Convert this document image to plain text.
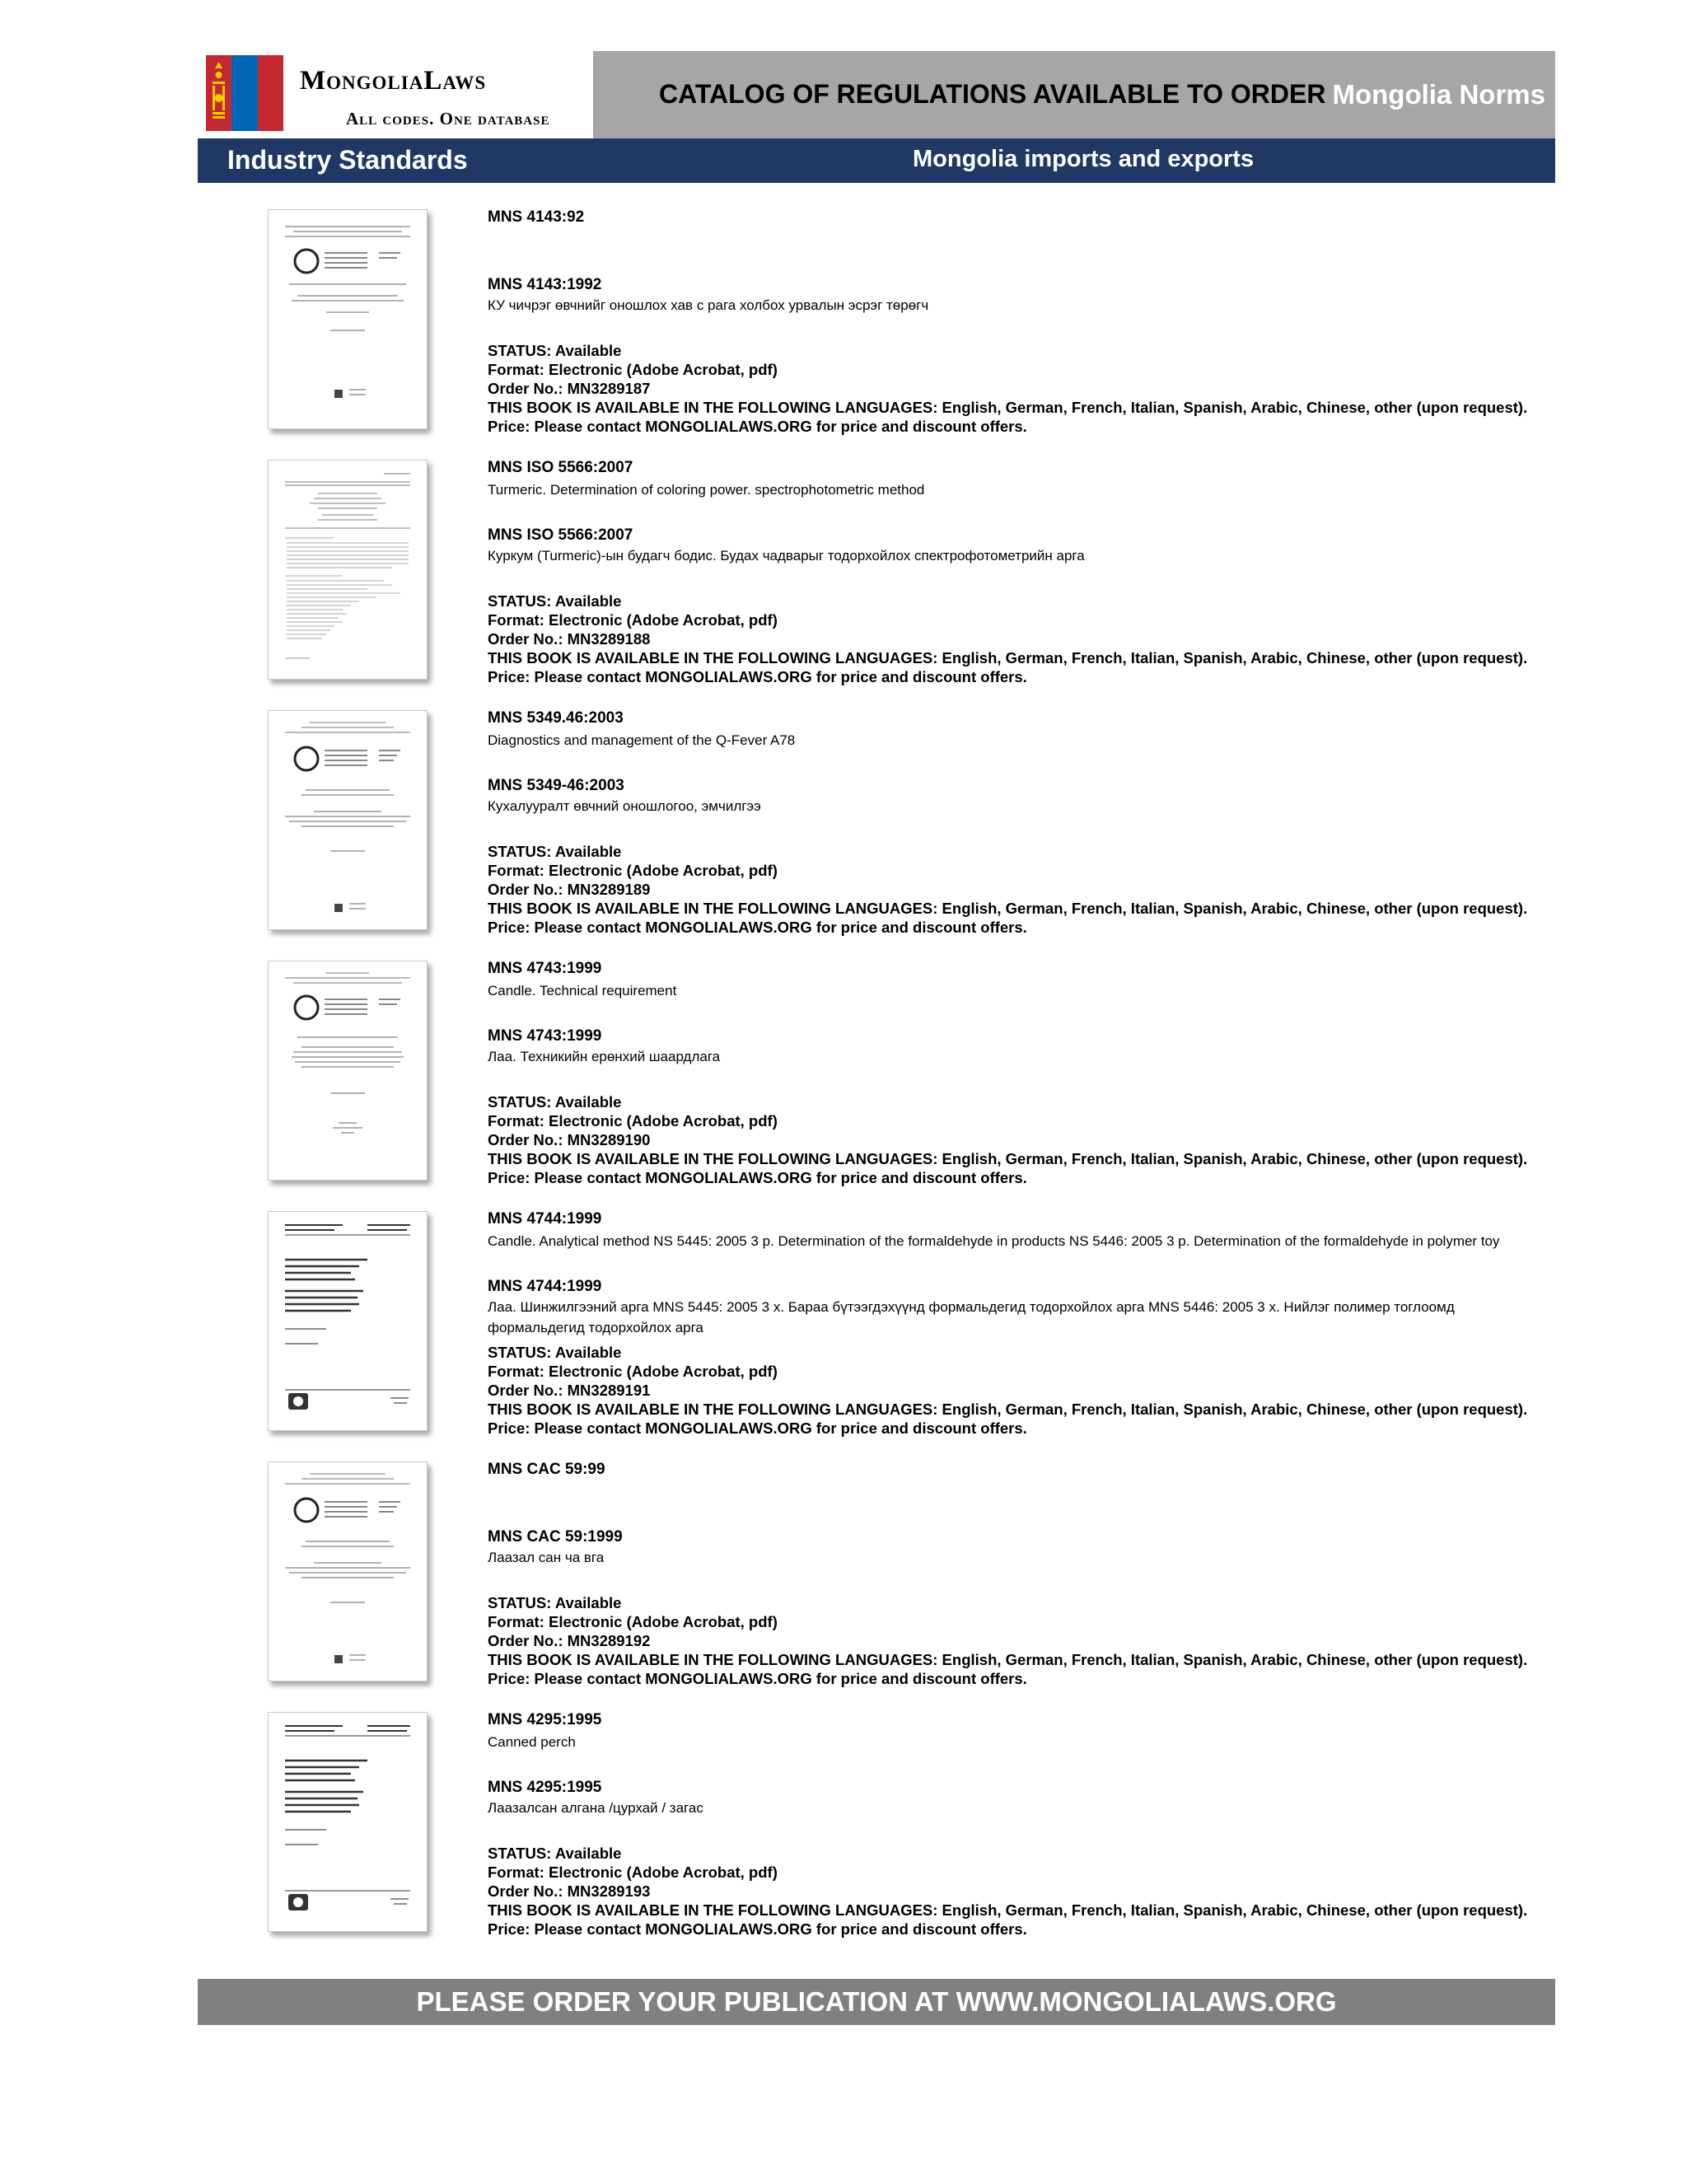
MongoliaLaws
All codes. One database
CATALOG OF REGULATIONS AVAILABLE TO ORDER Mongolia Norms
Industry Standards	Mongolia imports and exports
MNS 4143:92
MNS 4143:1992
КУ чичрэг өвчнийг оношлох хав с рага холбох урвалын эсрэг төрөгч
STATUS: Available
Format: Electronic (Adobe Acrobat, pdf)
Order No.: MN3289187
THIS BOOK IS AVAILABLE IN THE FOLLOWING LANGUAGES: English, German, French, Italian, Spanish, Arabic, Chinese, other (upon request).
Price: Please contact MONGOLIALAWS.ORG for price and discount offers.
MNS ISO 5566:2007
Turmeric. Determination of coloring power. spectrophotometric method
MNS ISO 5566:2007
Куркум (Turmeric)-ын будагч бодис. Будах чадварыг тодорхойлох спектрофотометрийн арга
STATUS: Available
Format: Electronic (Adobe Acrobat, pdf)
Order No.: MN3289188
THIS BOOK IS AVAILABLE IN THE FOLLOWING LANGUAGES: English, German, French, Italian, Spanish, Arabic, Chinese, other (upon request).
Price: Please contact MONGOLIALAWS.ORG for price and discount offers.
MNS 5349.46:2003
Diagnostics and management of the Q-Fever A78
MNS 5349-46:2003
Кухалуурaлт өвчний оношлогоо, эмчилгээ
STATUS: Available
Format: Electronic (Adobe Acrobat, pdf)
Order No.: MN3289189
THIS BOOK IS AVAILABLE IN THE FOLLOWING LANGUAGES: English, German, French, Italian, Spanish, Arabic, Chinese, other (upon request).
Price: Please contact MONGOLIALAWS.ORG for price and discount offers.
MNS 4743:1999
Candle. Technical requirement
MNS 4743:1999
Лаа. Техникийн ерөнхий шаардлага
STATUS: Available
Format: Electronic (Adobe Acrobat, pdf)
Order No.: MN3289190
THIS BOOK IS AVAILABLE IN THE FOLLOWING LANGUAGES: English, German, French, Italian, Spanish, Arabic, Chinese, other (upon request).
Price: Please contact MONGOLIALAWS.ORG for price and discount offers.
MNS 4744:1999
Candle. Analytical method NS 5445: 2005 3 p. Determination of the formaldehyde in products NS 5446: 2005 3 p. Determination of the formaldehyde in polymer toy
MNS 4744:1999
Лаа. Шинжилгээний арга MNS 5445: 2005 3 х. Бараа бүтээгдэхүүнд формальдегид тодорхойлох арга MNS 5446: 2005 3 х. Нийлэг полимер тоглоомд формальдегид тодорхойлох арга
STATUS: Available
Format: Electronic (Adobe Acrobat, pdf)
Order No.: MN3289191
THIS BOOK IS AVAILABLE IN THE FOLLOWING LANGUAGES: English, German, French, Italian, Spanish, Arabic, Chinese, other (upon request).
Price: Please contact MONGOLIALAWS.ORG for price and discount offers.
MNS CAC 59:99
MNS CAC 59:1999
Лаазал сан ча вга
STATUS: Available
Format: Electronic (Adobe Acrobat, pdf)
Order No.: MN3289192
THIS BOOK IS AVAILABLE IN THE FOLLOWING LANGUAGES: English, German, French, Italian, Spanish, Arabic, Chinese, other (upon request).
Price: Please contact MONGOLIALAWS.ORG for price and discount offers.
MNS 4295:1995
Canned perch
MNS 4295:1995
Лаазалсан алгана /цурхай / загас
STATUS: Available
Format: Electronic (Adobe Acrobat, pdf)
Order No.: MN3289193
THIS BOOK IS AVAILABLE IN THE FOLLOWING LANGUAGES: English, German, French, Italian, Spanish, Arabic, Chinese, other (upon request).
Price: Please contact MONGOLIALAWS.ORG for price and discount offers.
PLEASE ORDER YOUR PUBLICATION AT WWW.MONGOLIALAWS.ORG
